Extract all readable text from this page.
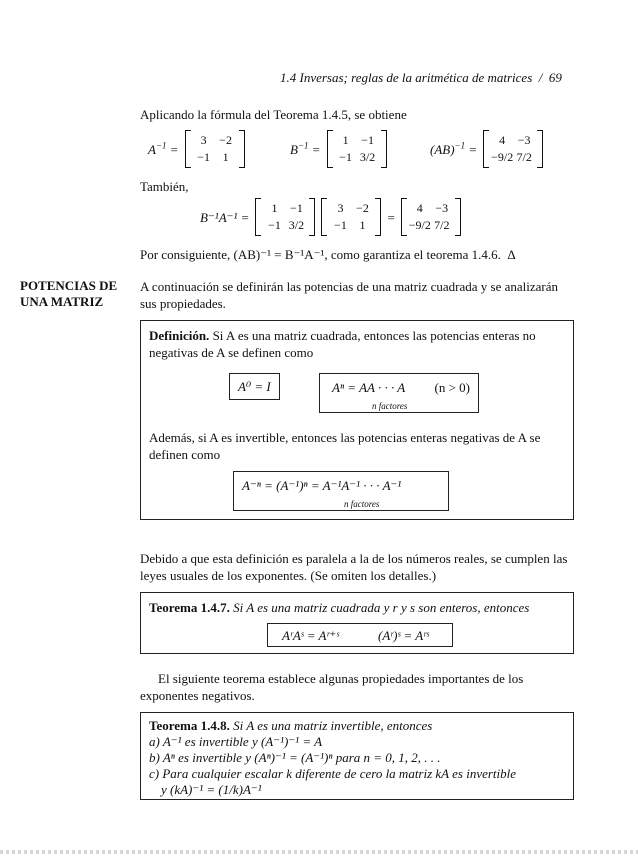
1.4 Inversas; reglas de la aritmética de matrices  /  69
Aplicando la fórmula del Teorema 1.4.5, se obtiene
$A^{-1}$ =
3	−2
−1	1
$B^{-1}$ =
1	−1
−1 3/2
(AB)$^{-1}$ =
4	−3
−9/2 7/2
También,
B⁻¹A⁻¹ =
1	−1
−1 3/2
3	−2
−1	1
=
4	−3
−9/2 7/2
Por consiguiente, (AB)⁻¹ = B⁻¹A⁻¹, como garantiza el teorema 1.4.6. Δ
POTENCIAS DE
UNA MATRIZ
A continuación se definirán las potencias de una matriz cuadrada y se analizarán sus propiedades.
Definición. Si A es una matriz cuadrada, entonces las potencias enteras no negativas de A se definen como
A⁰ = I	Aⁿ = AA · · · A (n > 0)
n factores
Además, si A es invertible, entonces las potencias enteras negativas de A se definen como
A⁻ⁿ = (A⁻¹)ⁿ = A⁻¹A⁻¹ · · · A⁻¹
n factores
Debido a que esta definición es paralela a la de los números reales, se cumplen las leyes usuales de los exponentes. (Se omiten los detalles.)
Teorema 1.4.7. Si A es una matriz cuadrada y r y s son enteros, entonces
AʳAˢ = Aʳ⁺ˢ	(Aʳ)ˢ = Aʳˢ
El siguiente teorema establece algunas propiedades importantes de los exponentes negativos.
Teorema 1.4.8. Si A es una matriz invertible, entonces
a) A⁻¹ es invertible y (A⁻¹)⁻¹ = A
b) Aⁿ es invertible y (Aⁿ)⁻¹ = (A⁻¹)ⁿ para n = 0, 1, 2, . . .
c) Para cualquier escalar k diferente de cero la matriz kA es invertible
y (kA)⁻¹ = (1/k)A⁻¹
